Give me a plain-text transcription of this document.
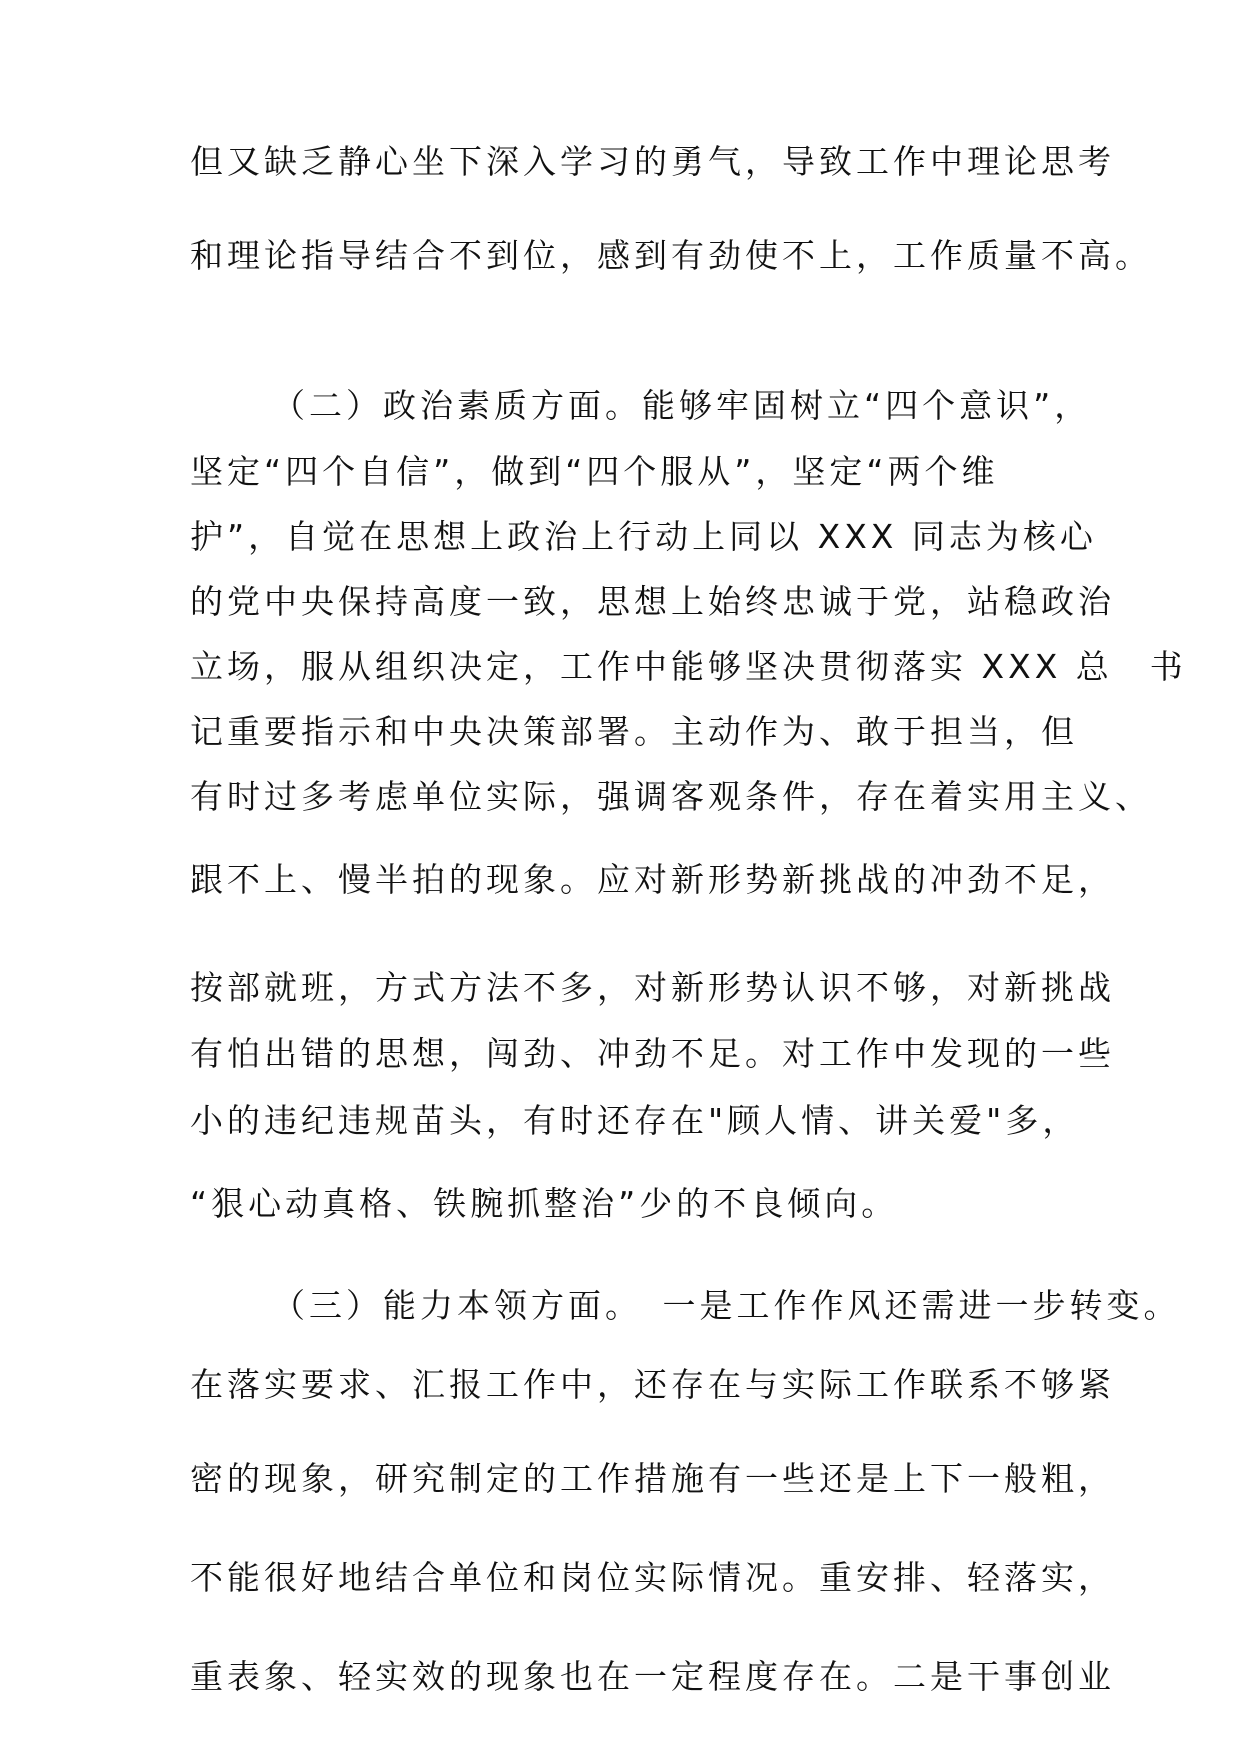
但又缺乏静心坐下深入学习的勇气，导致工作中理论思考
和理论指导结合不到位，感到有劲使不上，工作质量不高。
（二）政治素质方面。能够牢固树立“四个意识”，
坚定“四个自信”，做到“四个服从”，坚定“两个维
护”，自觉在思想上政治上行动上同以 XXX 同志为核心
的党中央保持高度一致，思想上始终忠诚于党，站稳政治
立场，服从组织决定，工作中能够坚决贯彻落实 XXX 总　书
记重要指示和中央决策部署。主动作为、敢于担当，但
有时过多考虑单位实际，强调客观条件，存在着实用主义、
跟不上、慢半拍的现象。应对新形势新挑战的冲劲不足，
按部就班，方式方法不多，对新形势认识不够，对新挑战
有怕出错的思想，闯劲、冲劲不足。对工作中发现的一些
小的违纪违规苗头，有时还存在"顾人情、讲关爱"多，
“狠心动真格、铁腕抓整治”少的不良倾向。
（三）能力本领方面。　一是工作作风还需进一步转变。
在落实要求、汇报工作中，还存在与实际工作联系不够紧
密的现象，研究制定的工作措施有一些还是上下一般粗，
不能很好地结合单位和岗位实际情况。重安排、轻落实，
重表象、轻实效的现象也在一定程度存在。二是干事创业
